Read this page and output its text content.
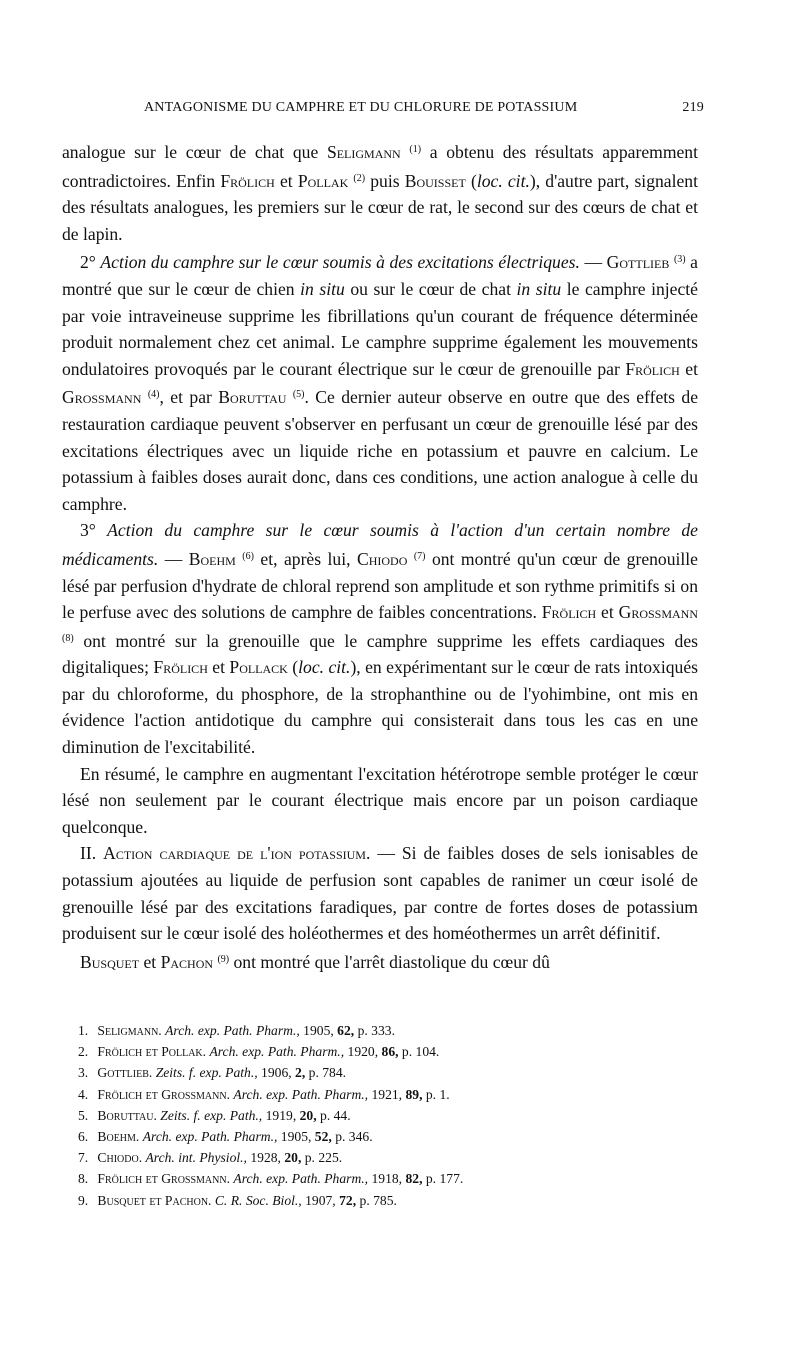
ANTAGONISME DU CAMPHRE ET DU CHLORURE DE POTASSIUM	219

analogue sur le cœur de chat que Seligmann $^{(1)}$ a obtenu des résultats apparemment contradictoires. Enfin Frölich et Pollak $^{(2)}$ puis Bouisset (loc. cit.), d'autre part, signalent des résultats analogues, les premiers sur le cœur de rat, le second sur des cœurs de chat et de lapin.

2° Action du camphre sur le cœur soumis à des excitations électriques. — Gottlieb $^{(3)}$ a montré que sur le cœur de chien in situ ou sur le cœur de chat in situ le camphre injecté par voie intraveineuse supprime les fibrillations qu'un courant de fréquence déterminée produit normalement chez cet animal. Le camphre supprime également les mouvements ondulatoires provoqués par le courant électrique sur le cœur de grenouille par Frölich et Grossmann $^{(4)}$, et par Boruttau $^{(5)}$. Ce dernier auteur observe en outre que des effets de restauration cardiaque peuvent s'observer en perfusant un cœur de grenouille lésé par des excitations électriques avec un liquide riche en potassium et pauvre en calcium. Le potassium à faibles doses aurait donc, dans ces conditions, une action analogue à celle du camphre.

3° Action du camphre sur le cœur soumis à l'action d'un certain nombre de médicaments. — Boehm $^{(6)}$ et, après lui, Chiodo $^{(7)}$ ont montré qu'un cœur de grenouille lésé par perfusion d'hydrate de chloral reprend son amplitude et son rythme primitifs si on le perfuse avec des solutions de camphre de faibles concentrations. Frölich et Grossmann $^{(8)}$ ont montré sur la grenouille que le camphre supprime les effets cardiaques des digitaliques; Frölich et Pollack (loc. cit.), en expérimentant sur le cœur de rats intoxiqués par du chloroforme, du phosphore, de la strophanthine ou de l'yohimbine, ont mis en évidence l'action antidotique du camphre qui consisterait dans tous les cas en une diminution de l'excitabilité.

En résumé, le camphre en augmentant l'excitation hétérotrope semble protéger le cœur lésé non seulement par le courant électrique mais encore par un poison cardiaque quelconque.

II. Action cardiaque de l'ion potassium. — Si de faibles doses de sels ionisables de potassium ajoutées au liquide de perfusion sont capables de ranimer un cœur isolé de grenouille lésé par des excitations faradiques, par contre de fortes doses de potassium produisent sur le cœur isolé des holéothermes et des homéothermes un arrêt définitif.

Busquet et Pachon $^{(9)}$ ont montré que l'arrêt diastolique du cœur dû

1. Seligmann. Arch. exp. Path. Pharm., 1905, 62, p. 333.
2. Frölich et Pollak. Arch. exp. Path. Pharm., 1920, 86, p. 104.
3. Gottlieb. Zeits. f. exp. Path., 1906, 2, p. 784.
4. Frölich et Grossmann. Arch. exp. Path. Pharm., 1921, 89, p. 1.
5. Boruttau. Zeits. f. exp. Path., 1919, 20, p. 44.
6. Boehm. Arch. exp. Path. Pharm., 1905, 52, p. 346.
7. Chiodo. Arch. int. Physiol., 1928, 20, p. 225.
8. Frölich et Grossmann. Arch. exp. Path. Pharm., 1918, 82, p. 177.
9. Busquet et Pachon. C. R. Soc. Biol., 1907, 72, p. 785.
